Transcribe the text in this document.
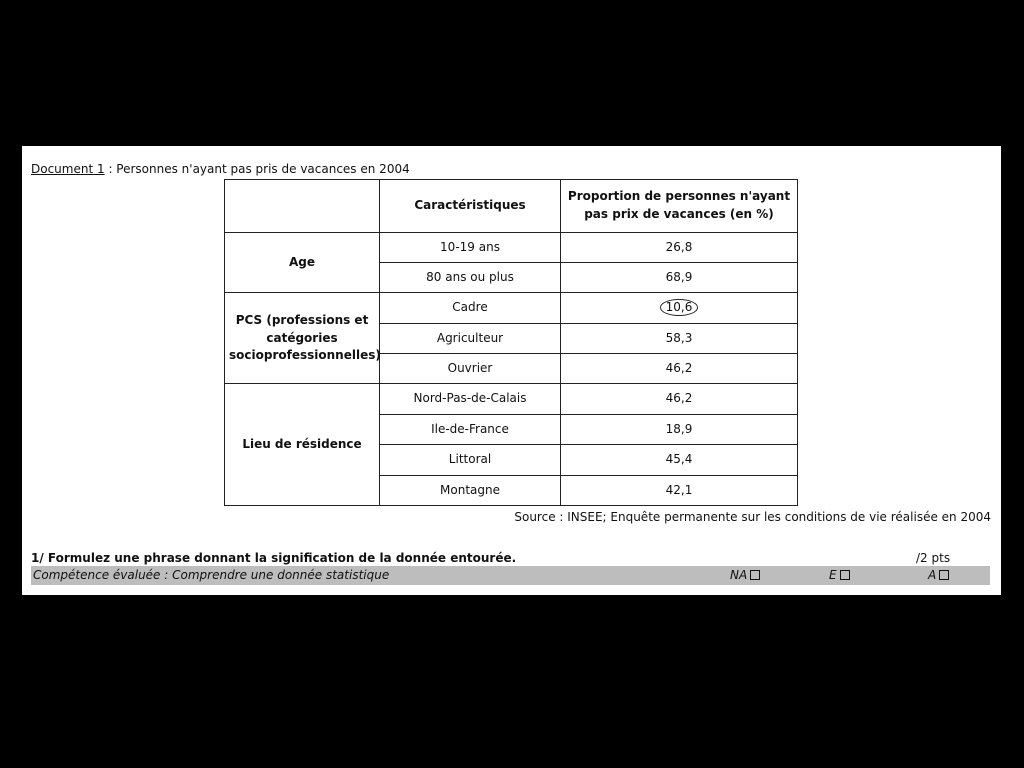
Document 1 : Personnes n'ayant pas pris de vacances en 2004
	Caractéristiques	Proportion de personnes n'ayant pas prix de vacances (en %)
Age	10-19 ans	26,8
	80 ans ou plus	68,9
PCS (professions et catégories socioprofessionnelles)	Cadre	10,6
	Agriculteur	58,3
	Ouvrier	46,2
Lieu de résidence	Nord-Pas-de-Calais	46,2
	Ile-de-France	18,9
	Littoral	45,4
	Montagne	42,1
Source : INSEE; Enquête permanente sur les conditions de vie réalisée en 2004
1/ Formulez une phrase donnant la signification de la donnée entourée.	/2 pts
Compétence évaluée : Comprendre une donnée statistique	NA	E	A
